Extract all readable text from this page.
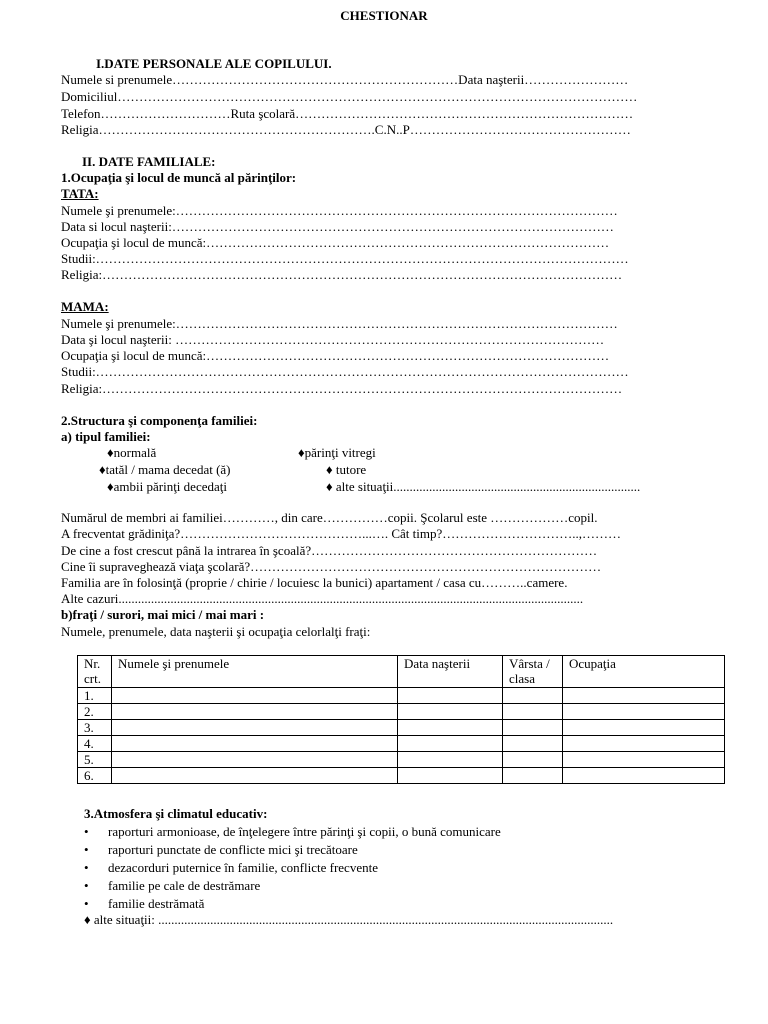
CHESTIONAR
I.DATE PERSONALE ALE COPILULUI.
Numele si prenumele…………………………………………………………Data naşterii……………………
Domiciliul…………………………………………………………………………………………………………
Telefon…………………………Ruta şcolară……………………………………………………………………
Religia……………………………………………………….C.N..P……………………………………………
II. DATE FAMILIALE:
1.Ocupaţia şi locul de muncă al părinţilor:
TATA:
Numele şi prenumele:…………………………………………………………………………………………
Data si locul naşterii:…………………………………………………………………………………………
Ocupaţia şi locul de muncă:…………………………………………………………………………………
Studii:……………………………………………………………………………………………………………
Religia:…………………………………………………………………………………………………………
MAMA:
Numele şi prenumele:…………………………………………………………………………………………
Data şi locul naşterii: ………………………………………………………………………………………
Ocupaţia şi locul de muncă:…………………………………………………………………………………
Studii:……………………………………………………………………………………………………………
Religia:…………………………………………………………………………………………………………
2.Structura şi componenţa familiei:
a) tipul familiei:
♦normală	♦părinţi vitregi
♦tatăl / mama decedat (ă)	♦ tutore
♦ambii părinţi decedaţi	♦ alte situaţii............................................................................
Numărul de membri ai familiei…………, din care……………copii. Şcolarul este ………………copil.
A frecventat grădiniţa?……………………………………...…. Cât timp?…………………………..,………
De cine a fost crescut până la intrarea în şcoală?…………………………………………………………
Cine îi supraveghează viaţa şcolară?………………………………………………………………………
Familia are în folosinţă (proprie / chirie / locuiesc la bunici) apartament / casa cu………..camere.
Alte cazuri...............................................................................................................................................
b)fraţi / surori, mai mici / mai mari :
Numele, prenumele, data naşterii şi ocupaţia celorlalţi fraţi:
Nr. crt.	Numele şi prenumele	Data naşterii	Vârsta / clasa	Ocupaţia
1.				
2.				
3.				
4.				
5.				
6.				
3.Atmosfera şi climatul educativ:
• raporturi armonioase, de înţelegere între părinţi şi copii, o bună comunicare
• raporturi punctate de conflicte mici şi trecătoare
• dezacorduri puternice în familie, conflicte frecvente
• familie pe cale de destrămare
• familie destrămată
♦ alte situaţii: ............................................................................................................................................
